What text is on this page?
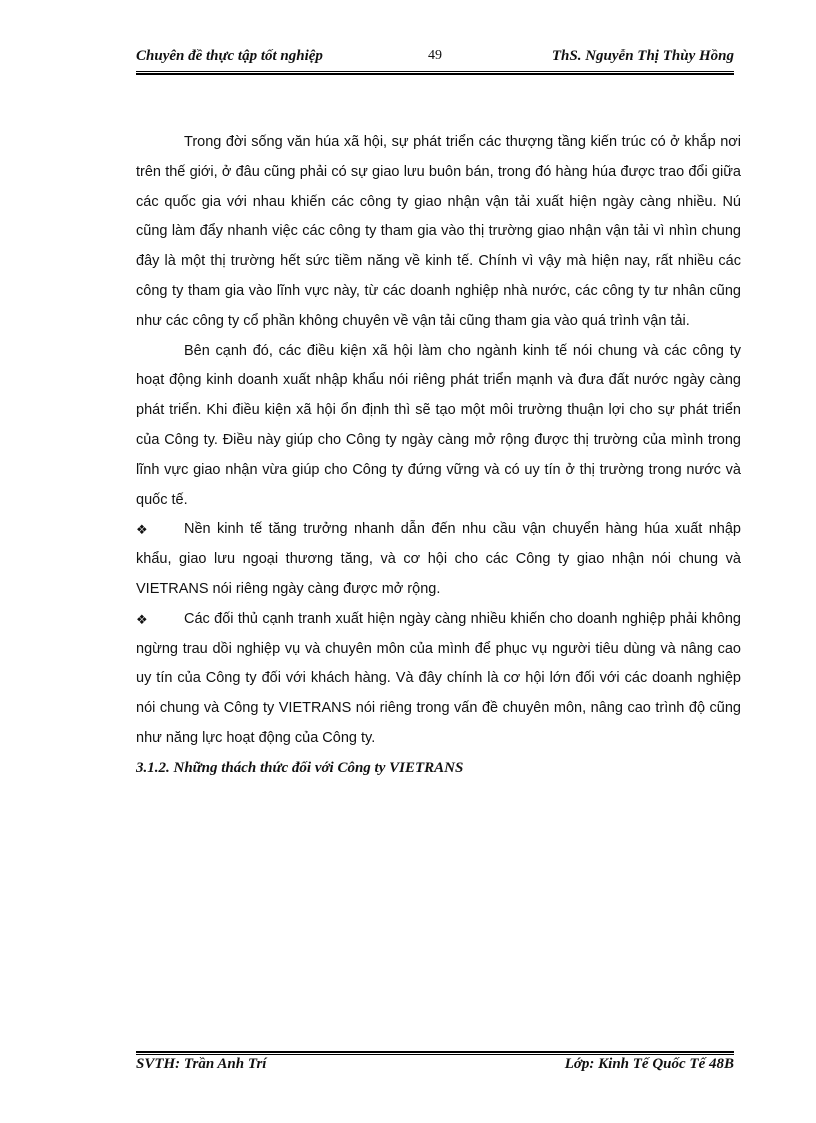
Chuyên đề thực tập tốt nghiệp	49	ThS. Nguyễn Thị Thùy Hồng

Trong đời sống văn húa xã hội, sự phát triển các thượng tầng kiến trúc có ở khắp nơi trên thế giới, ở đâu cũng phải có sự giao lưu buôn bán, trong đó hàng húa được trao đổi giữa các quốc gia với nhau khiến các công ty giao nhận vận tải xuất hiện ngày càng nhiều. Nú cũng làm đẩy nhanh việc các công ty tham gia vào thị trường giao nhận vận tải vì nhìn chung đây là một thị trường hết sức tiềm năng về kinh tế. Chính vì vậy mà hiện nay, rất nhiều các công ty tham gia vào lĩnh vực này, từ các doanh nghiệp nhà nước, các công ty tư nhân cũng như các công ty cổ phần không chuyên về vận tải cũng tham gia vào quá trình vận tải.

Bên cạnh đó, các điều kiện xã hội làm cho ngành kinh tế nói chung và các công ty hoạt động kinh doanh xuất nhập khẩu nói riêng phát triển mạnh và đưa đất nước ngày càng phát triển. Khi điều kiện xã hội ổn định thì sẽ tạo một môi trường thuận lợi cho sự phát triển của Công ty. Điều này giúp cho Công ty ngày càng mở rộng được thị trường của mình trong lĩnh vực giao nhận vừa giúp cho Công ty đứng vững và có uy tín ở thị trường trong nước và quốc tế.

❖	Nền kinh tế tăng trưởng nhanh dẫn đến nhu cầu vận chuyển hàng húa xuất nhập khẩu, giao lưu ngoại thương tăng, và cơ hội cho các Công ty giao nhận nói chung và VIETRANS nói riêng ngày càng được mở rộng.

❖	Các đối thủ cạnh tranh xuất hiện ngày càng nhiều khiến cho doanh nghiệp phải không ngừng trau dồi nghiệp vụ và chuyên môn của mình để phục vụ người tiêu dùng và nâng cao uy tín của Công ty đối với khách hàng. Và đây chính là cơ hội lớn đối với các doanh nghiệp nói chung và Công ty VIETRANS nói riêng trong vấn đề chuyên môn, nâng cao trình độ cũng như năng lực hoạt động của Công ty.

3.1.2. Những thách thức đối với Công ty VIETRANS

SVTH: Trần Anh Trí	Lớp: Kinh Tế Quốc Tế 48B
